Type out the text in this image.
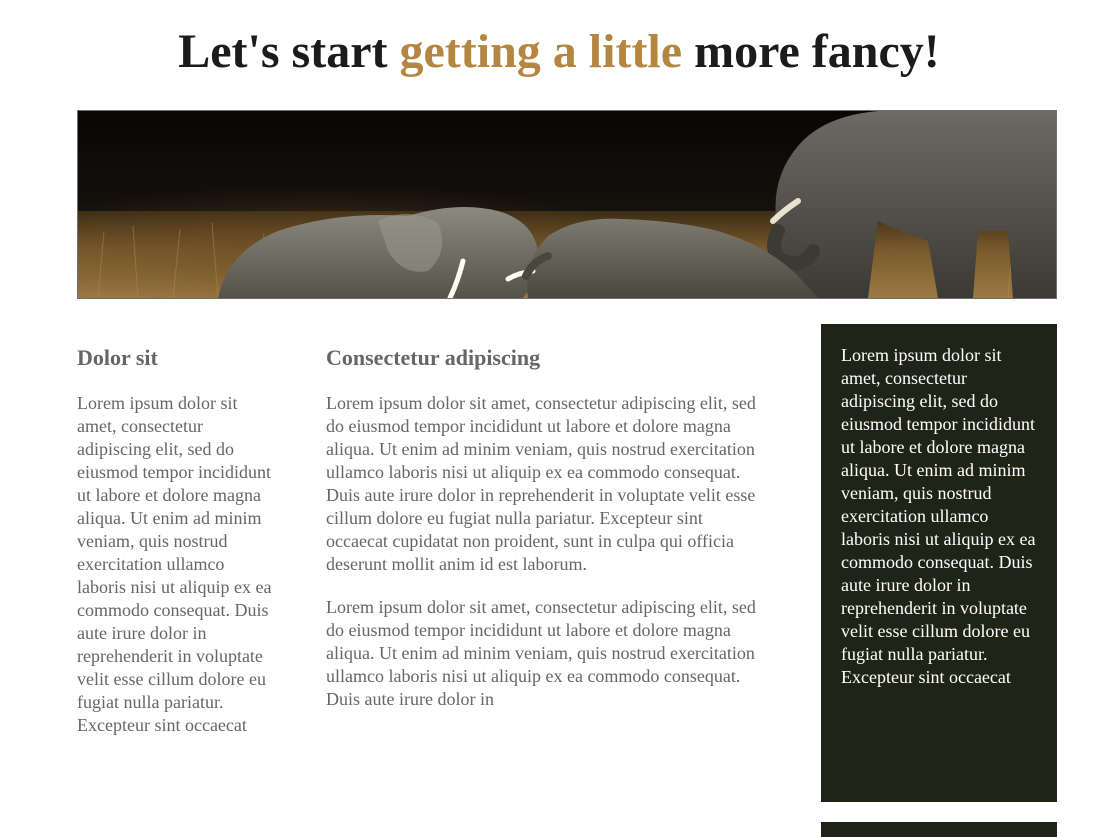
Let's start getting a little more fancy!
Dolor sit

Lorem ipsum dolor sit amet, consectetur adipiscing elit, sed do eiusmod tempor incididunt ut labore et dolore magna aliqua. Ut enim ad minim veniam, quis nostrud exercitation ullamco laboris nisi ut aliquip ex ea commodo consequat. Duis aute irure dolor in reprehenderit in voluptate velit esse cillum dolore eu fugiat nulla pariatur. Excepteur sint occaecat

Consectetur adipiscing

Lorem ipsum dolor sit amet, consectetur adipiscing elit, sed do eiusmod tempor incididunt ut labore et dolore magna aliqua. Ut enim ad minim veniam, quis nostrud exercitation ullamco laboris nisi ut aliquip ex ea commodo consequat. Duis aute irure dolor in reprehenderit in voluptate velit esse cillum dolore eu fugiat nulla pariatur. Excepteur sint occaecat cupidatat non proident, sunt in culpa qui officia deserunt mollit anim id est laborum.

Lorem ipsum dolor sit amet, consectetur adipiscing elit, sed do eiusmod tempor incididunt ut labore et dolore magna aliqua. Ut enim ad minim veniam, quis nostrud exercitation ullamco laboris nisi ut aliquip ex ea commodo consequat. Duis aute irure dolor in

Lorem ipsum dolor sit amet, consectetur adipiscing elit, sed do eiusmod tempor incididunt ut labore et dolore magna aliqua. Ut enim ad minim veniam, quis nostrud exercitation ullamco laboris nisi ut aliquip ex ea commodo consequat. Duis aute irure dolor in reprehenderit in voluptate velit esse cillum dolore eu fugiat nulla pariatur. Excepteur sint occaecat
